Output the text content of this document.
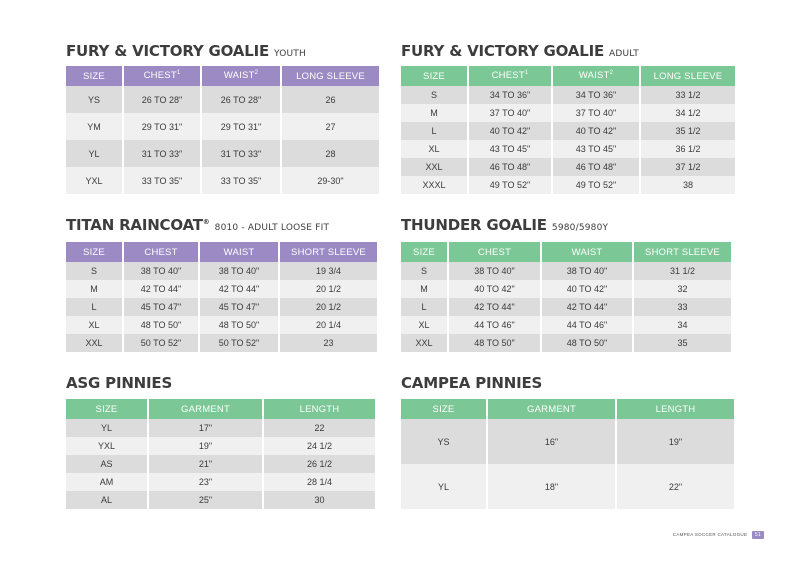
FURY & VICTORY GOALIE YOUTH
SIZE	CHEST$^1$	WAIST$^2$	LONG SLEEVE
YS	26 TO 28"	26 TO 28"	26
YM	29 TO 31"	29 TO 31"	27
YL	31 TO 33"	31 TO 33"	28
YXL	33 TO 35"	33 TO 35"	29-30"
FURY & VICTORY GOALIE ADULT
SIZE	CHEST$^1$	WAIST$^2$	LONG SLEEVE
S	34 TO 36"	34 TO 36"	33 1/2
M	37 TO 40"	37 TO 40"	34 1/2
L	40 TO 42"	40 TO 42"	35 1/2
XL	43 TO 45"	43 TO 45"	36 1/2
XXL	46 TO 48"	46 TO 48"	37 1/2
XXXL	49 TO 52"	49 TO 52"	38
TITAN RAINCOAT® 8010 - ADULT LOOSE FIT
SIZE	CHEST	WAIST	SHORT SLEEVE
S	38 TO 40"	38 TO 40"	19 3/4
M	42 TO 44"	42 TO 44"	20 1/2
L	45 TO 47"	45 TO 47"	20 1/2
XL	48 TO 50"	48 TO 50"	20 1/4
XXL	50 TO 52"	50 TO 52"	23
THUNDER GOALIE 5980/5980Y
SIZE	CHEST	WAIST	SHORT SLEEVE
S	38 TO 40"	38 TO 40"	31 1/2
M	40 TO 42"	40 TO 42"	32
L	42 TO 44"	42 TO 44"	33
XL	44 TO 46"	44 TO 46"	34
XXL	48 TO 50"	48 TO 50"	35
ASG PINNIES
SIZE	GARMENT	LENGTH
YL	17"	22
YXL	19"	24 1/2
AS	21"	26 1/2
AM	23"	28 1/4
AL	25"	30
CAMPEA PINNIES
SIZE	GARMENT	LENGTH
YS	16"	19"
YL	18"	22"
CAMPEA SOCCER CATALOGUE 51
